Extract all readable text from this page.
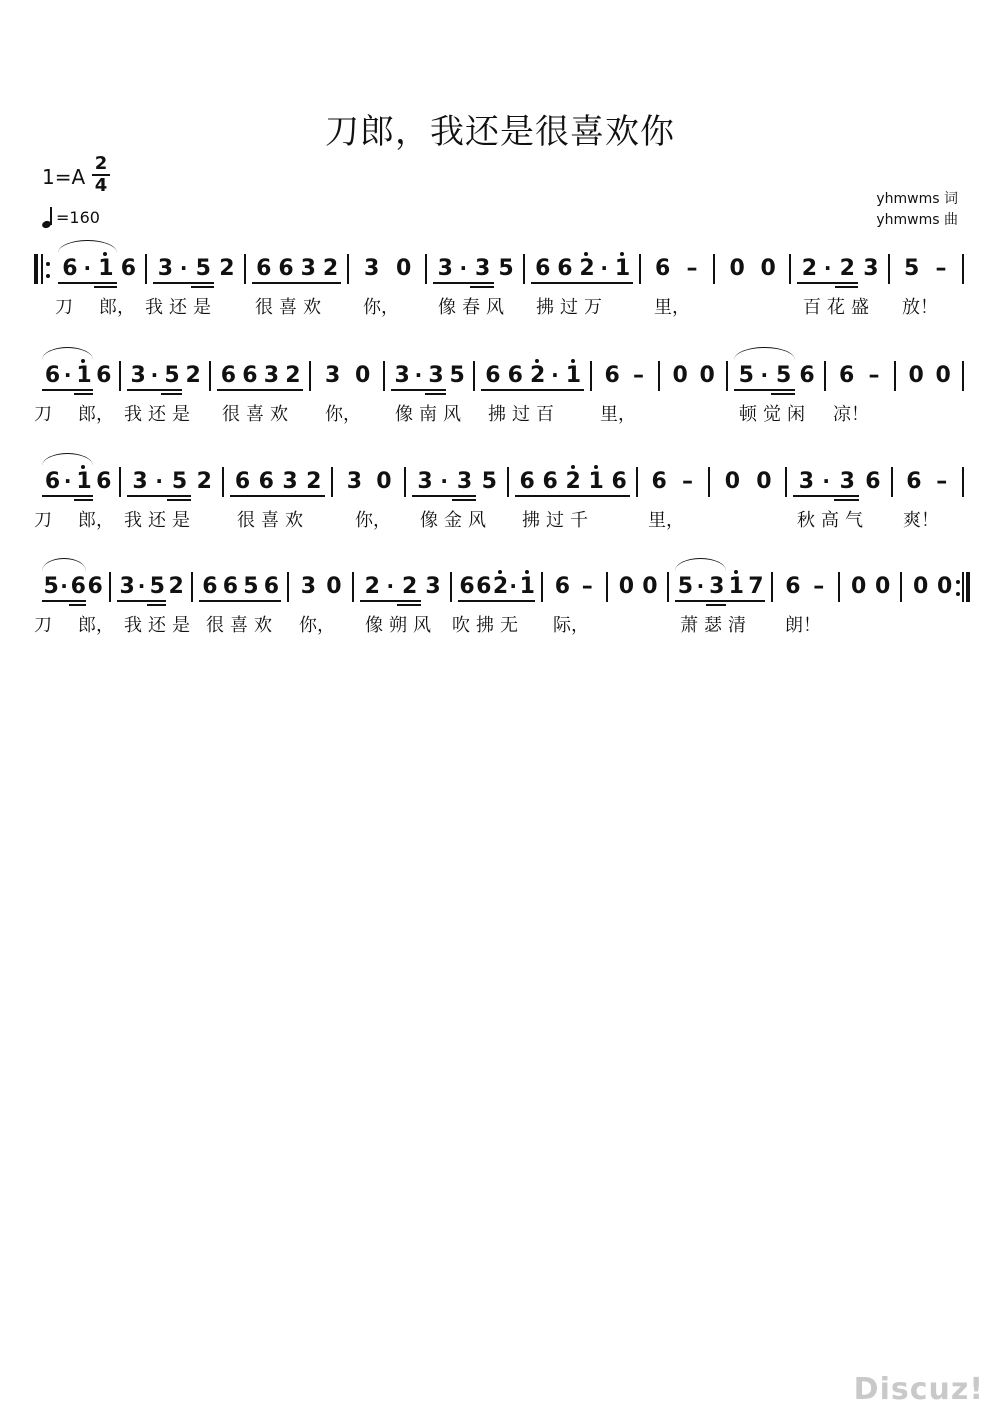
刀郎，我还是很喜欢你
1=A
2
4
=160
yhmwms 词
yhmwms 曲
6 · 1 6 3 · 5 2 6 6 3 2 3 0 3 · 3 5 6 6 2 · 1 6 – 0 0 2 · 2 3 5 –
刀 郎， 我 还 是 很 喜 欢 你， 像 春 风 拂 过 万	里，	百 花 盛 放！
6 · 1 6 3 · 5 2 6 6 3 2 3 0 3 · 3 5 6 6 2 · 1 6 – 0 0 5 · 5 6 6 – 0 0
刀 郎， 我 还 是 很 喜 欢 你， 像 南 风 拂 过 百	里，	顿 觉 闲 凉！
6 · 1 6 3 · 5 2 6 6 3 2 3 0 3 · 3 5 6 6 2 1 6 6 – 0 0 3 · 3 6 6 –
刀 郎， 我 还 是	很 喜 欢	你， 像 金 风 拂 过 千	里，	秋 高 气 爽！
5 · 6 6 3 · 5 2 6 6 5 6 3 0 2 · 2 3 6 6 2 · 1 6 – 0 0 5 · 3 1 7 6 – 0 0 0 0
刀 郎， 我 还 是 很 喜 欢 你， 像 朔 风 吹 拂 无 际，	萧 瑟 清 朗！
Discuz!
